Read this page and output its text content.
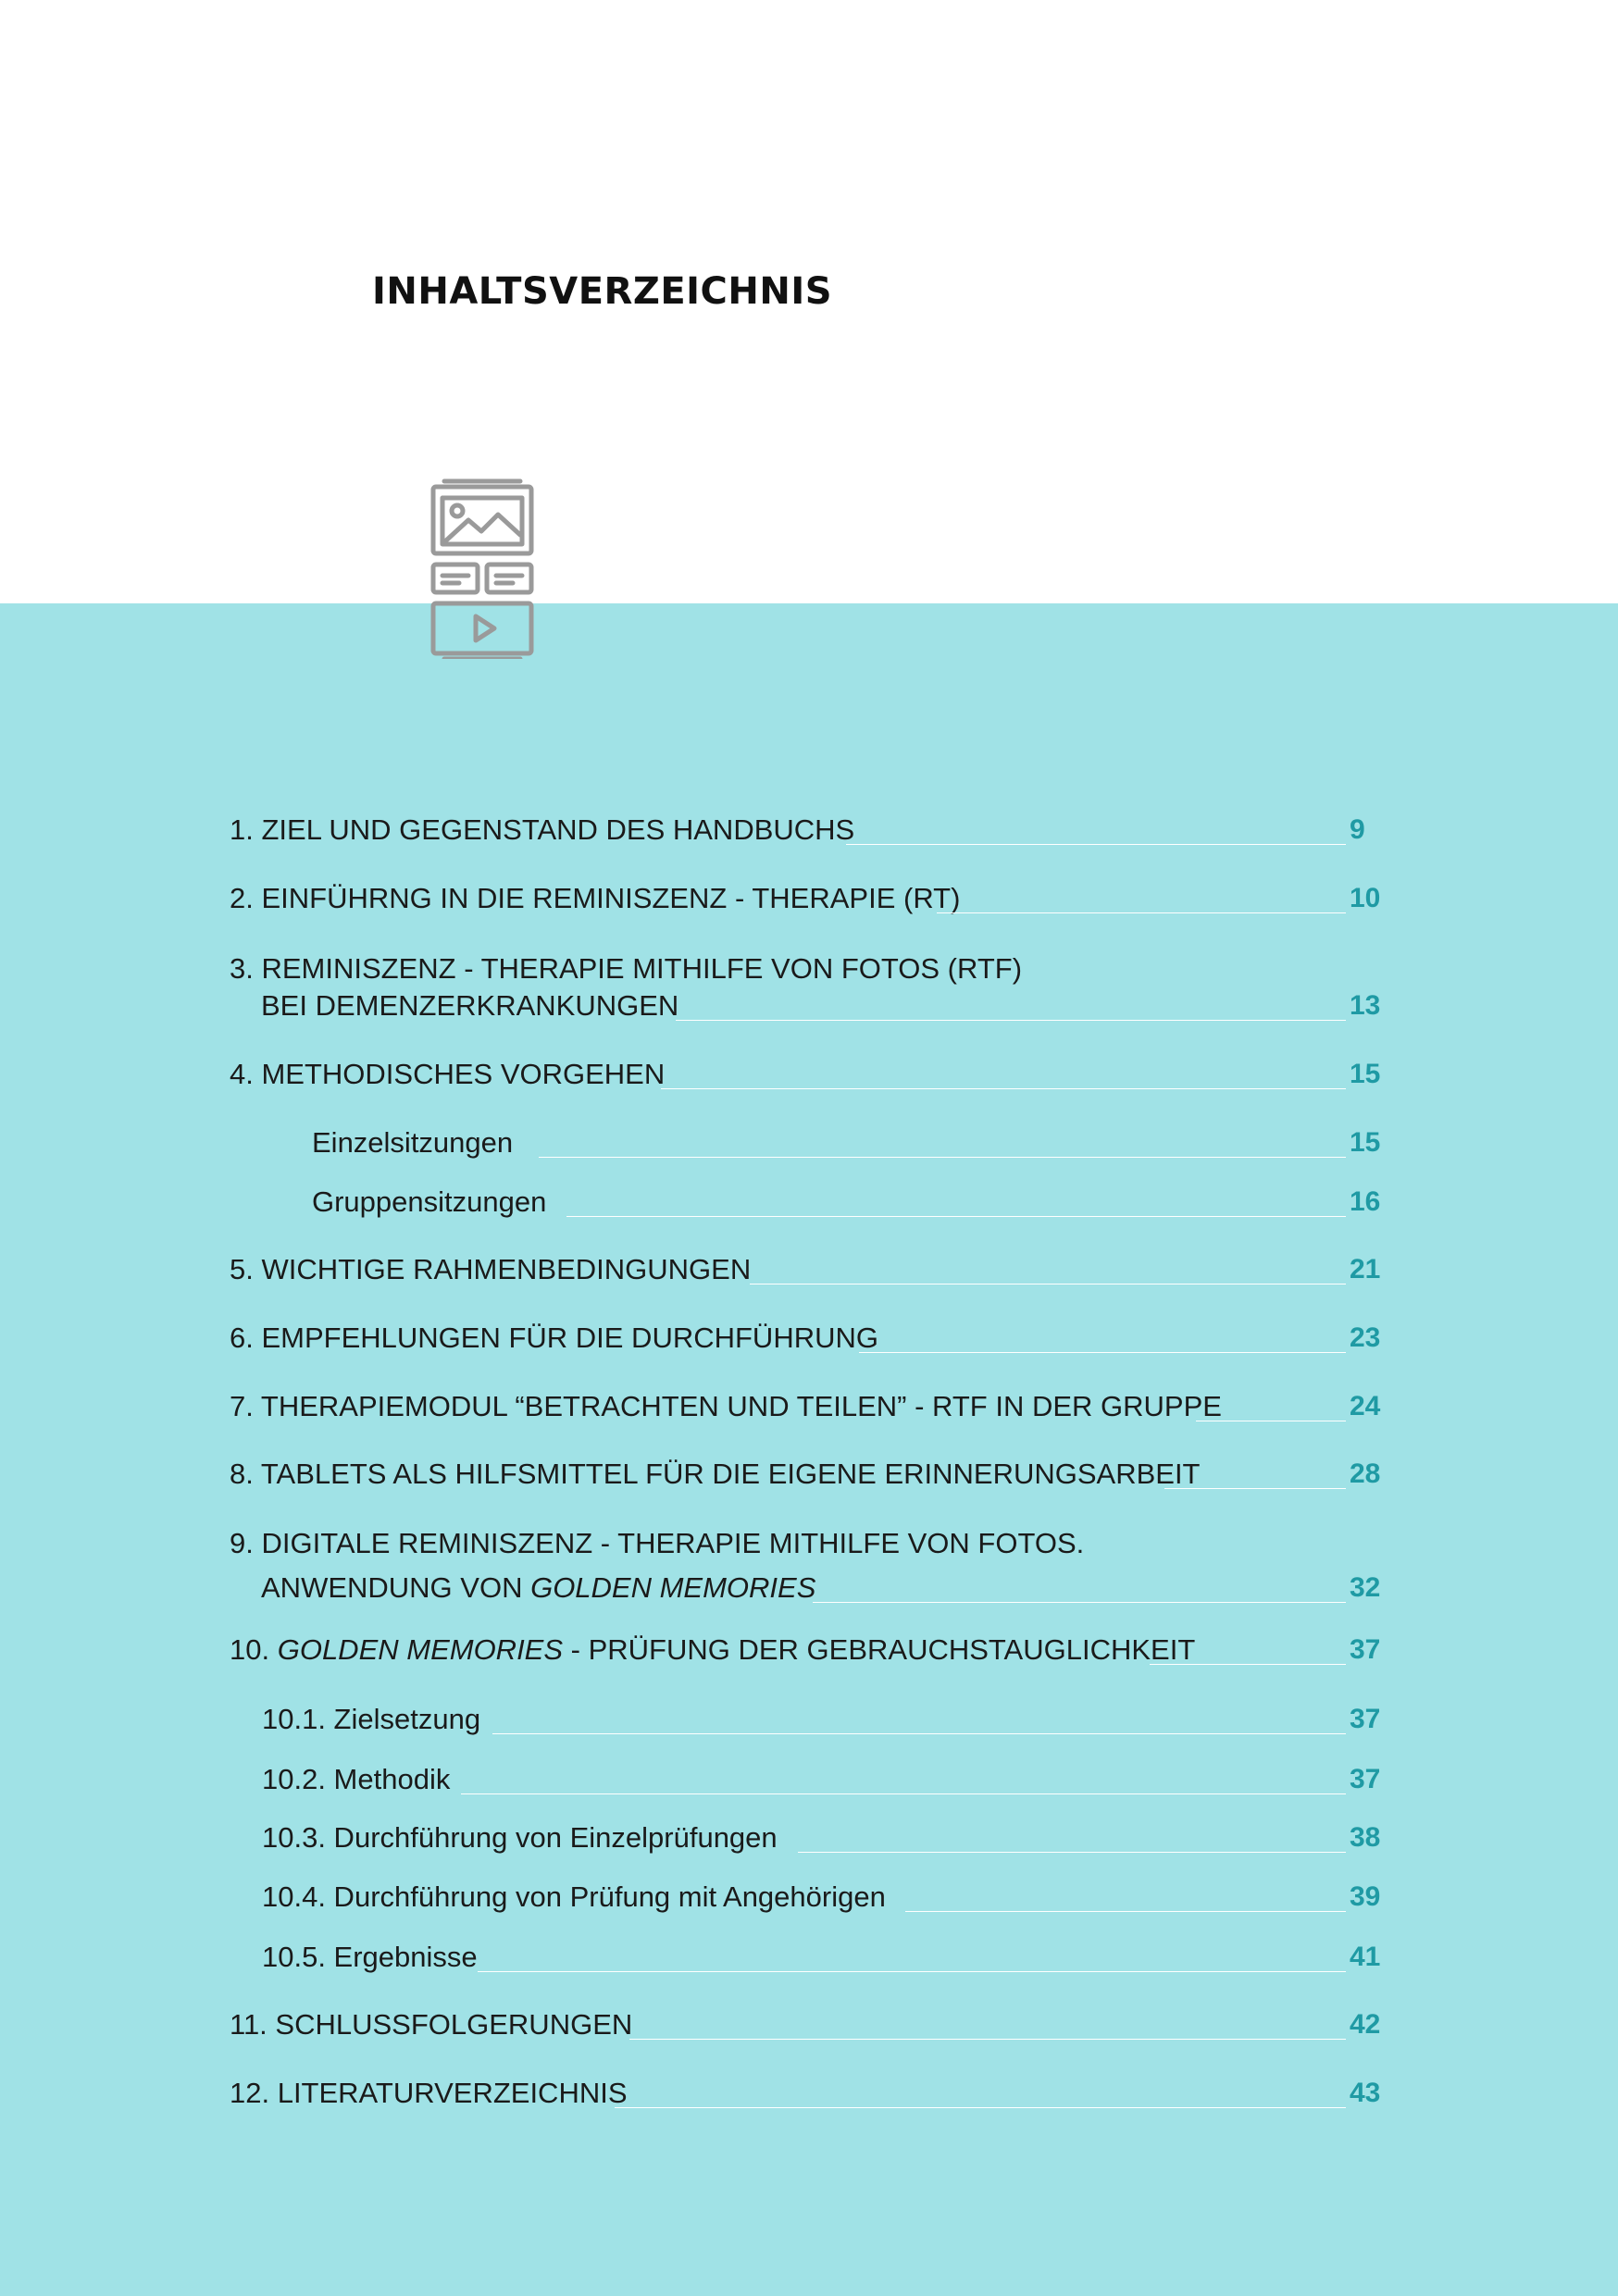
INHALTSVERZEICHNIS
1. ZIEL UND GEGENSTAND DES HANDBUCHS	9
2. EINFÜHRNG IN DIE REMINISZENZ - THERAPIE (RT)	10
3. REMINISZENZ - THERAPIE MITHILFE VON FOTOS (RTF)
BEI DEMENZERKRANKUNGEN	13
4. METHODISCHES VORGEHEN	15
Einzelsitzungen	15
Gruppensitzungen	16
5. WICHTIGE RAHMENBEDINGUNGEN	21
6. EMPFEHLUNGEN FÜR DIE DURCHFÜHRUNG	23
7. THERAPIEMODUL “BETRACHTEN UND TEILEN” - RTF IN DER GRUPPE	24
8. TABLETS ALS HILFSMITTEL FÜR DIE EIGENE ERINNERUNGSARBEIT	28
9. DIGITALE REMINISZENZ - THERAPIE MITHILFE VON FOTOS.
ANWENDUNG VON GOLDEN MEMORIES	32
10. GOLDEN MEMORIES - PRÜFUNG DER GEBRAUCHSTAUGLICHKEIT	37
10.1. Zielsetzung	37
10.2. Methodik	37
10.3. Durchführung von Einzelprüfungen	38
10.4. Durchführung von Prüfung mit Angehörigen	39
10.5. Ergebnisse	41
11. SCHLUSSFOLGERUNGEN	42
12. LITERATURVERZEICHNIS	43
